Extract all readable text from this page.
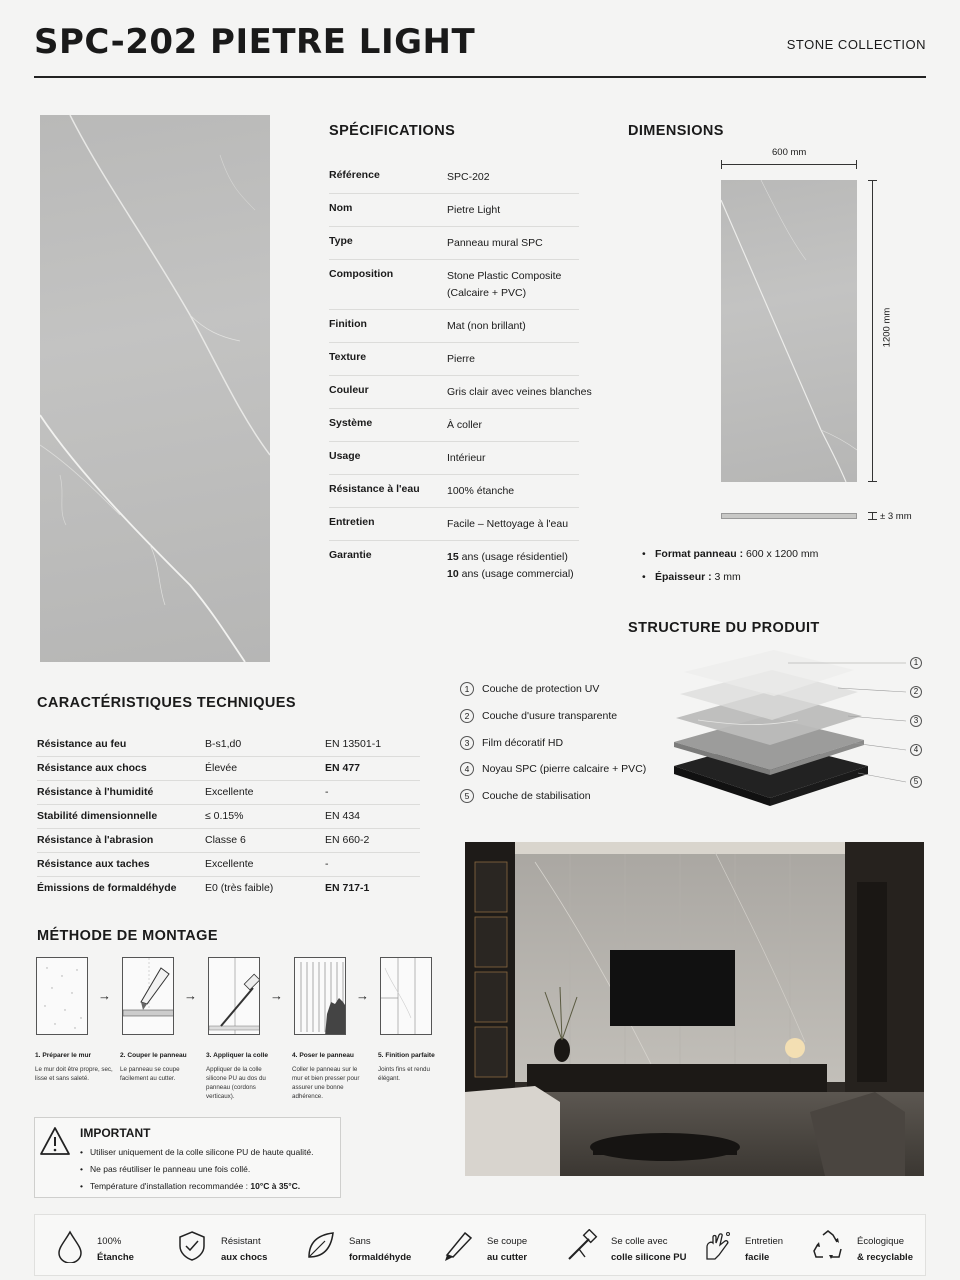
SPC-202 PIETRE LIGHT	STONE COLLECTION
SPÉCIFICATIONS
Référence	SPC-202
Nom	Pietre Light
Type	Panneau mural SPC
Composition	Stone Plastic Composite
(Calcaire + PVC)
Finition	Mat (non brillant)
Texture	Pierre
Couleur	Gris clair avec veines blanches
Système	À coller
Usage	Intérieur
Résistance à l'eau	100% étanche
Entretien	Facile – Nettoyage à l'eau
Garantie	15 ans (usage résidentiel)
10 ans (usage commercial)
DIMENSIONS
600 mm
1200 mm
± 3 mm
• Format panneau : 600 x 1200 mm
• Épaisseur : 3 mm
STRUCTURE DU PRODUIT
1	Couche de protection UV
2	Couche d'usure transparente
3	Film décoratif HD
4	Noyau SPC (pierre calcaire + PVC)
5	Couche de stabilisation
1
2
3
4
5
CARACTÉRISTIQUES TECHNIQUES
Résistance au feu	B-s1,d0	EN 13501-1
Résistance aux chocs	Élevée	EN 477
Résistance à l'humidité	Excellente	-
Stabilité dimensionnelle	≤ 0.15%	EN 434
Résistance à l'abrasion	Classe 6	EN 660-2
Résistance aux taches	Excellente	-
Émissions de formaldéhyde	E0 (très faible)	EN 717-1
MÉTHODE DE MONTAGE
→	→	→	→
1. Préparer le mur
Le mur doit être propre, sec, lisse et sans saleté.
2. Couper le panneau
Le panneau se coupe facilement au cutter.
3. Appliquer la colle
Appliquer de la colle silicone PU au dos du panneau (cordons verticaux).
4. Poser le panneau
Coller le panneau sur le mur et bien presser pour assurer une bonne adhérence.
5. Finition parfaite
Joints fins et rendu élégant.
IMPORTANT
• Utiliser uniquement de la colle silicone PU de haute qualité.
• Ne pas réutiliser le panneau une fois collé.
• Température d'installation recommandée : 10°C à 35°C.
100%
Étanche
Résistant
aux chocs
Sans
formaldéhyde
Se coupe
au cutter
Se colle avec
colle silicone PU
Entretien
facile
Écologique
& recyclable
